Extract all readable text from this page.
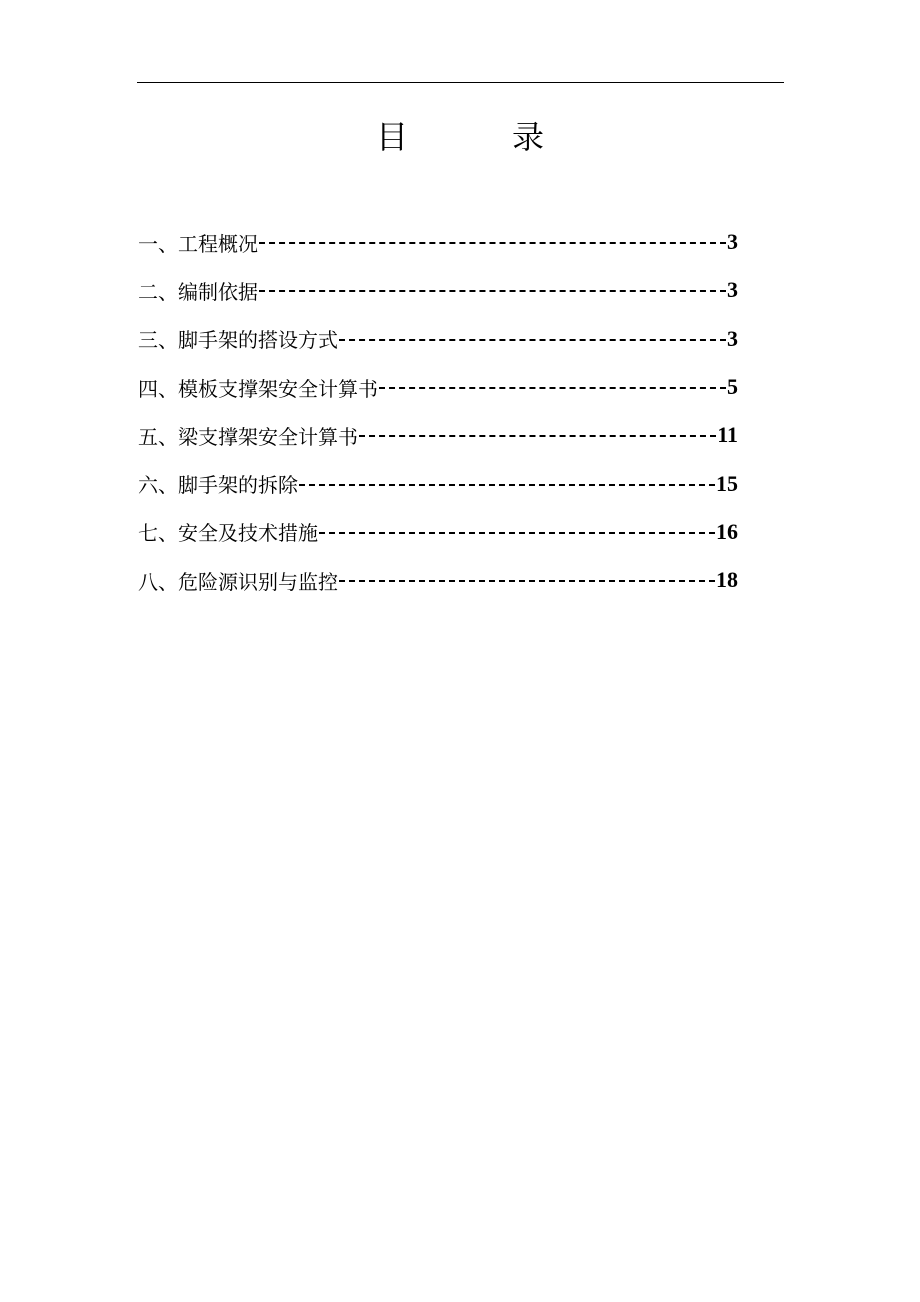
目	录
一、工程概况	3
二、编制依据	3
三、脚手架的搭设方式	3
四、模板支撑架安全计算书	5
五、梁支撑架安全计算书	11
六、脚手架的拆除	15
七、安全及技术措施	16
八、危险源识别与监控	18
